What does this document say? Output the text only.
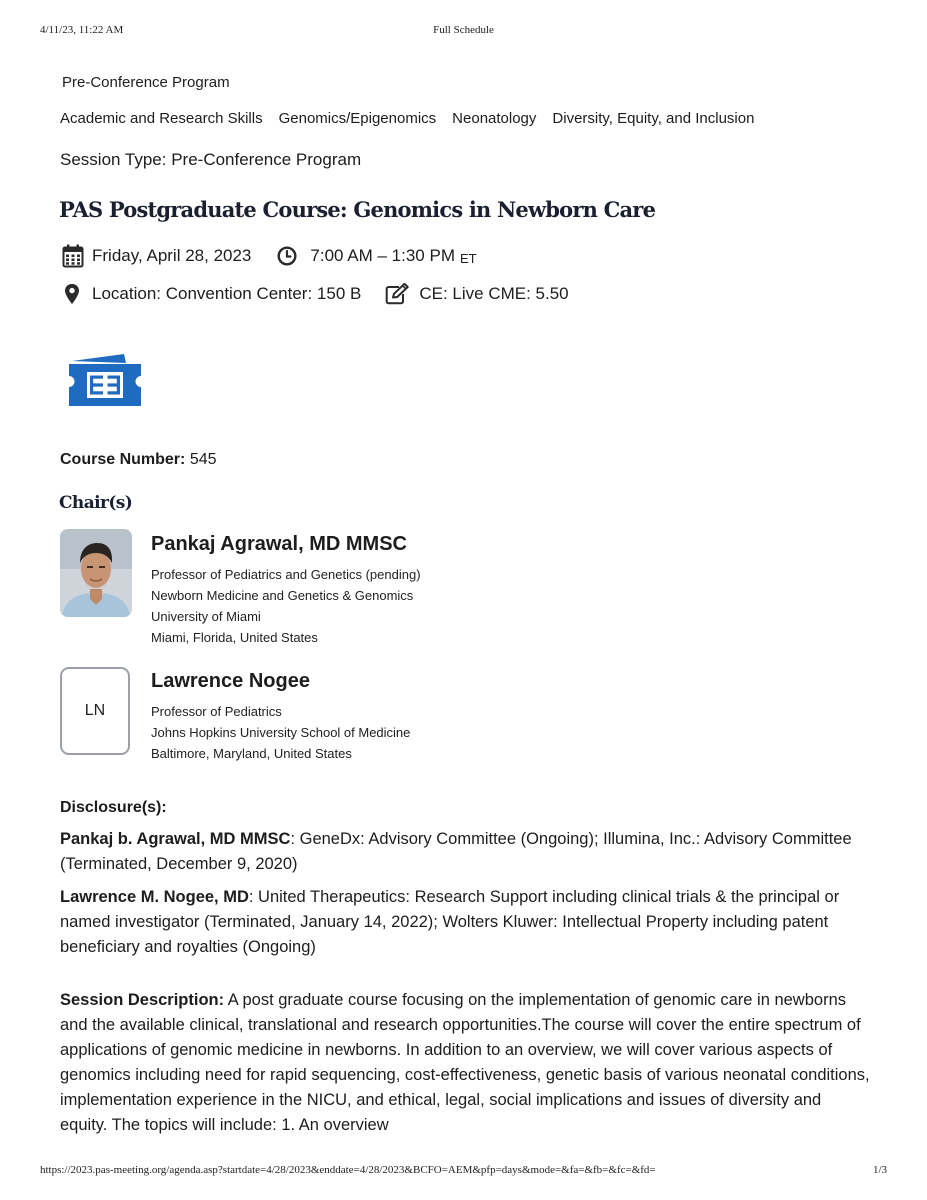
4/11/23, 11:22 AM	Full Schedule
Pre-Conference Program
Academic and Research Skills Genomics/Epigenomics Neonatology Diversity, Equity, and Inclusion
Session Type: Pre-Conference Program
PAS Postgraduate Course: Genomics in Newborn Care
Friday, April 28, 2023	7:00 AM – 1:30 PM ET
Location: Convention Center: 150 B	CE: Live CME: 5.50
Course Number: 545
Chair(s)
Pankaj Agrawal, MD MMSC
Professor of Pediatrics and Genetics (pending)
Newborn Medicine and Genetics & Genomics
University of Miami
Miami, Florida, United States
LN
Lawrence Nogee
Professor of Pediatrics
Johns Hopkins University School of Medicine
Baltimore, Maryland, United States
Disclosure(s):
Pankaj b. Agrawal, MD MMSC: GeneDx: Advisory Committee (Ongoing); Illumina, Inc.: Advisory Committee (Terminated, December 9, 2020)
Lawrence M. Nogee, MD: United Therapeutics: Research Support including clinical trials & the principal or named investigator (Terminated, January 14, 2022); Wolters Kluwer: Intellectual Property including patent beneficiary and royalties (Ongoing)
Session Description: A post graduate course focusing on the implementation of genomic care in newborns and the available clinical, translational and research opportunities.The course will cover the entire spectrum of applications of genomic medicine in newborns. In addition to an overview, we will cover various aspects of genomics including need for rapid sequencing, cost-effectiveness, genetic basis of various neonatal conditions, implementation experience in the NICU, and ethical, legal, social implications and issues of diversity and equity. The topics will include: 1. An overview
https://2023.pas-meeting.org/agenda.asp?startdate=4/28/2023&enddate=4/28/2023&BCFO=AEM&pfp=days&mode=&fa=&fb=&fc=&fd=	1/3
